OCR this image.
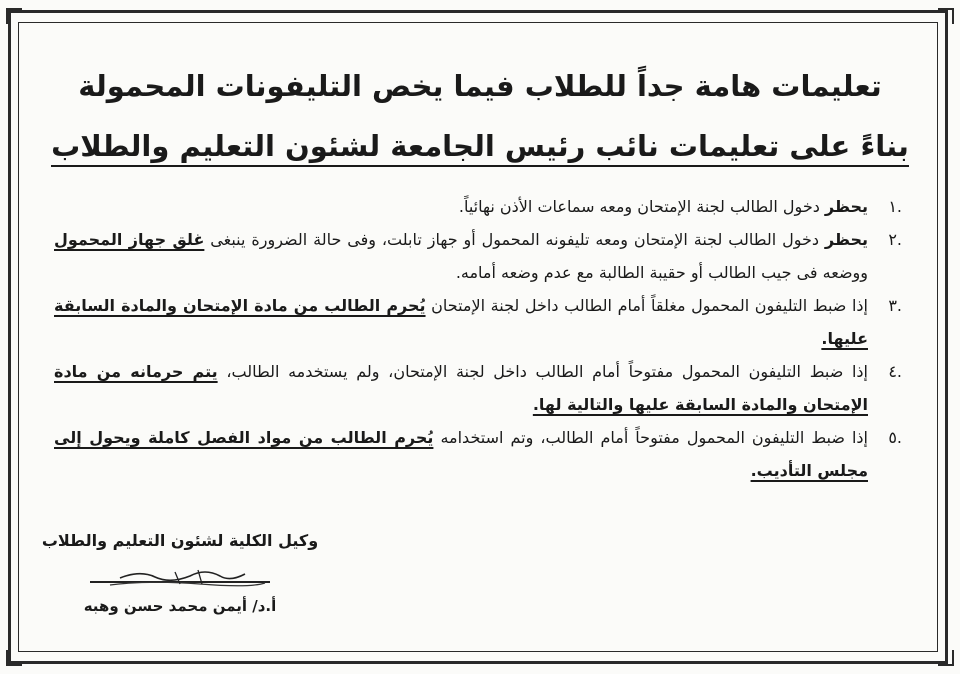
تعليمات هامة جداً للطلاب فيما يخص التليفونات المحمولة
بناءً على تعليمات نائب رئيس الجامعة لشئون التعليم والطلاب
.١
يحظر دخول الطالب لجنة الإمتحان ومعه سماعات الأذن نهائياً.
.٢
يحظر دخول الطالب لجنة الإمتحان ومعه تليفونه المحمول أو جهاز تابلت، وفى حالة الضرورة ينبغى غلق جهاز المحمول ووضعه فى جيب الطالب أو حقيبة الطالبة مع عدم وضعه أمامه.
.٣
إذا ضبط التليفون المحمول مغلقاً أمام الطالب داخل لجنة الإمتحان يُحرم الطالب من مادة الإمتحان والمادة السابقة عليها.
.٤
إذا ضبط التليفون المحمول مفتوحاً أمام الطالب داخل لجنة الإمتحان، ولم يستخدمه الطالب، يتم حرمانه من مادة الإمتحان والمادة السابقة عليها والتالية لها.
.٥
إذا ضبط التليفون المحمول مفتوحاً أمام الطالب، وتم استخدامه يُحرم الطالب من مواد الفصل كاملة ويحول إلى مجلس التأديب.
وكيل الكلية لشئون التعليم والطلاب
أ.د/ أيمن محمد حسن وهبه
